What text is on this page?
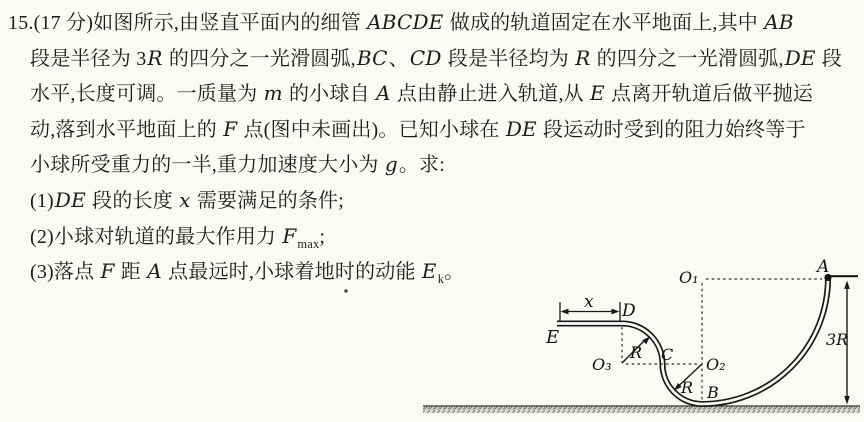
15.(17 分)如图所示,由竖直平面内的细管 ABCDE 做成的轨道固定在水平地面上,其中 AB
段是半径为 3R 的四分之一光滑圆弧,BC、CD 段是半径均为 R 的四分之一光滑圆弧,DE 段
水平,长度可调。一质量为 m 的小球自 A 点由静止进入轨道,从 E 点离开轨道后做平抛运
动,落到水平地面上的 F 点(图中未画出)。已知小球在 DE 段运动时受到的阻力始终等于
小球所受重力的一半,重力加速度大小为 g。求:
(1)DE 段的长度 x 需要满足的条件;
(2)小球对轨道的最大作用力 $F_{max}$;
(3)落点 F 距 A 点最远时,小球着地时的动能 $E_k$。
x D
E
O₃
R C
O₂
R B
O₁
A
3R
